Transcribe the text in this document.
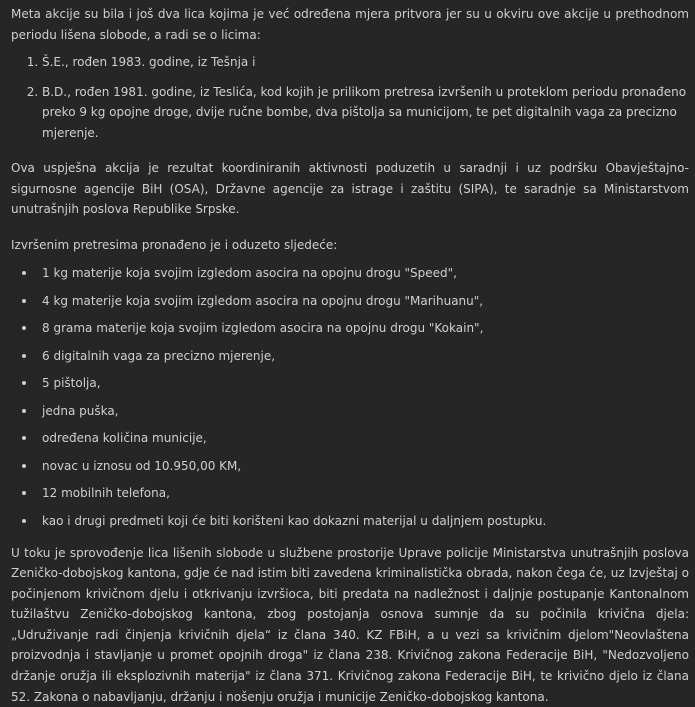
Meta akcije su bila i još dva lica kojima je već određena mjera pritvora jer su u okviru ove akcije u prethodnom periodu lišena slobode, a radi se o licima:

1. Š.E., rođen 1983. godine, iz Tešnja i
2. B.D., rođen 1981. godine, iz Teslića, kod kojih je prilikom pretresa izvršenih u proteklom periodu pronađeno preko 9 kg opojne droge, dvije ručne bombe, dva pištolja sa municijom, te pet digitalnih vaga za precizno mjerenje.

Ova uspješna akcija je rezultat koordiniranih aktivnosti poduzetih u saradnji i uz podršku Obavještajno-sigurnosne agencije BiH (OSA), Državne agencije za istrage i zaštitu (SIPA), te saradnje sa Ministarstvom unutrašnjih poslova Republike Srpske.

Izvršenim pretresima pronađeno je i oduzeto sljedeće:

1 kg materije koja svojim izgledom asocira na opojnu drogu "Speed",
4 kg materije koja svojim izgledom asocira na opojnu drogu "Marihuanu",
8 grama materije koja svojim izgledom asocira na opojnu drogu "Kokain",
6 digitalnih vaga za precizno mjerenje,
5 pištolja,
jedna puška,
određena količina municije,
novac u iznosu od 10.950,00 KM,
12 mobilnih telefona,
kao i drugi predmeti koji će biti korišteni kao dokazni materijal u daljnjem postupku.

U toku je sprovođenje lica lišenih slobode u službene prostorije Uprave policije Ministarstva unutrašnjih poslova Zeničko-dobojskog kantona, gdje će nad istim biti zavedena kriminalistička obrada, nakon čega će, uz Izvještaj o počinjenom krivičnom djelu i otkrivanju izvršioca, biti predata na nadležnost i daljnje postupanje Kantonalnom tužilaštvu Zeničko-dobojskog kantona, zbog postojanja osnova sumnje da su počinila krivična djela: „Udruživanje radi činjenja krivičnih djela“ iz člana 340. KZ FBiH, a u vezi sa krivičnim djelom"Neovlaštena proizvodnja i stavljanje u promet opojnih droga" iz člana 238. Krivičnog zakona Federacije BiH, "Nedozvoljeno držanje oružja ili eksplozivnih materija" iz člana 371. Krivičnog zakona Federacije BiH, te krivično djelo iz člana 52. Zakona o nabavljanju, držanju i nošenju oružja i municije Zeničko-dobojskog kantona.
